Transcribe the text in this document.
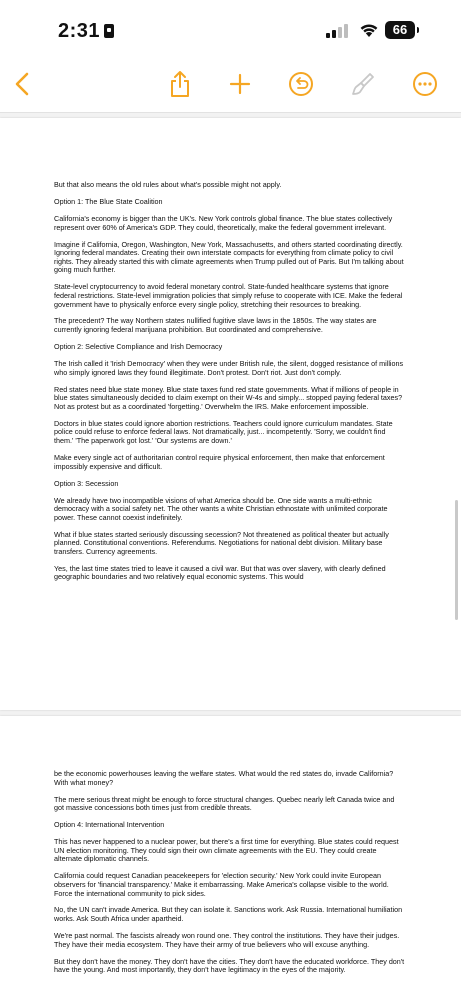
2:31	66

But that also means the old rules about what's possible might not apply.

Option 1: The Blue State Coalition

California's economy is bigger than the UK's. New York controls global finance. The blue states collectively represent over 60% of America's GDP. They could, theoretically, make the federal government irrelevant.

Imagine if California, Oregon, Washington, New York, Massachusetts, and others started coordinating directly. Ignoring federal mandates. Creating their own interstate compacts for everything from climate policy to civil rights. They already started this with climate agreements when Trump pulled out of Paris. But I'm talking about going much further.

State-level cryptocurrency to avoid federal monetary control. State-funded healthcare systems that ignore federal restrictions. State-level immigration policies that simply refuse to cooperate with ICE. Make the federal government have to physically enforce every single policy, stretching their resources to breaking.

The precedent? The way Northern states nullified fugitive slave laws in the 1850s. The way states are currently ignoring federal marijuana prohibition. But coordinated and comprehensive.

Option 2: Selective Compliance and Irish Democracy

The Irish called it 'Irish Democracy' when they were under British rule, the silent, dogged resistance of millions who simply ignored laws they found illegitimate. Don't protest. Don't riot. Just don't comply.

Red states need blue state money. Blue state taxes fund red state governments. What if millions of people in blue states simultaneously decided to claim exempt on their W-4s and simply... stopped paying federal taxes? Not as protest but as a coordinated 'forgetting.' Overwhelm the IRS. Make enforcement impossible.

Doctors in blue states could ignore abortion restrictions. Teachers could ignore curriculum mandates. State police could refuse to enforce federal laws. Not dramatically, just... incompetently. 'Sorry, we couldn't find them.' 'The paperwork got lost.' 'Our systems are down.'

Make every single act of authoritarian control require physical enforcement, then make that enforcement impossibly expensive and difficult.

Option 3: Secession

We already have two incompatible visions of what America should be. One side wants a multi-ethnic democracy with a social safety net. The other wants a white Christian ethnostate with unlimited corporate power. These cannot coexist indefinitely.

What if blue states started seriously discussing secession? Not threatened as political theater but actually planned. Constitutional conventions. Referendums. Negotiations for national debt division. Military base transfers. Currency agreements.

Yes, the last time states tried to leave it caused a civil war. But that was over slavery, with clearly defined geographic boundaries and two relatively equal economic systems. This would

be the economic powerhouses leaving the welfare states. What would the red states do, invade California? With what money?

The mere serious threat might be enough to force structural changes. Quebec nearly left Canada twice and got massive concessions both times just from credible threats.

Option 4: International Intervention

This has never happened to a nuclear power, but there's a first time for everything. Blue states could request UN election monitoring. They could sign their own climate agreements with the EU. They could create alternate diplomatic channels.

California could request Canadian peacekeepers for 'election security.' New York could invite European observers for 'financial transparency.' Make it embarrassing. Make America's collapse visible to the world. Force the international community to pick sides.

No, the UN can't invade America. But they can isolate it. Sanctions work. Ask Russia. International humiliation works. Ask South Africa under apartheid.

We're past normal. The fascists already won round one. They control the institutions. They have their judges. They have their media ecosystem. They have their army of true believers who will excuse anything.

But they don't have the money. They don't have the cities. They don't have the educated workforce. They don't have the young. And most importantly, they don't have legitimacy in the eyes of the majority.
